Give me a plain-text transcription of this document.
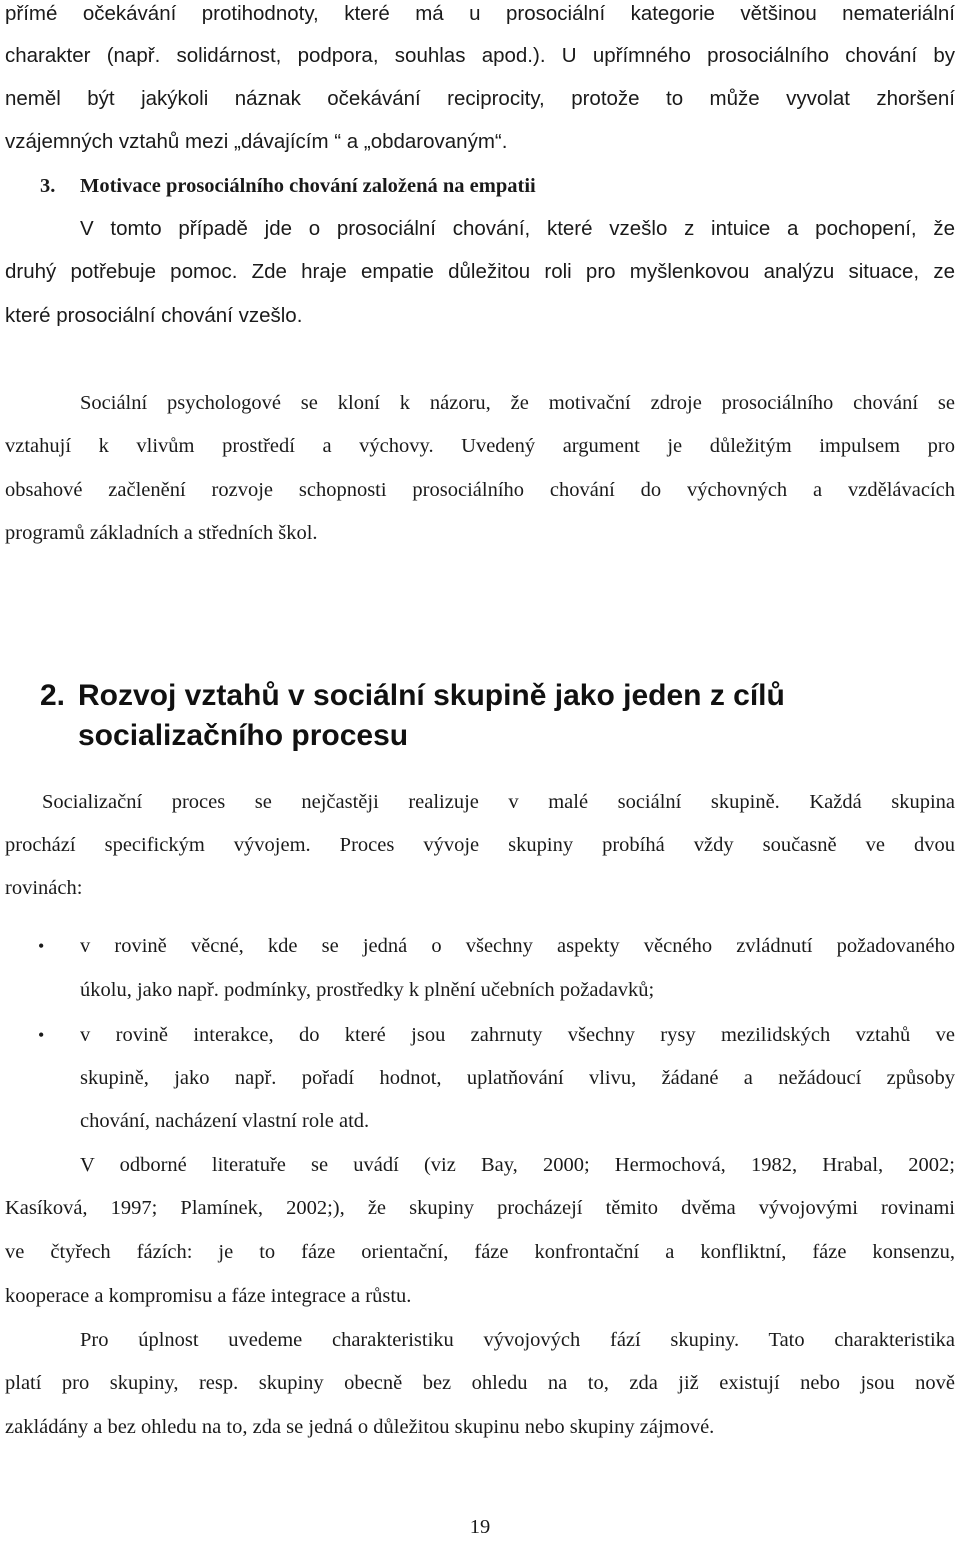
přímé očekávání protihodnoty, které má u prosociální kategorie většinou nemateriální
charakter (např. solidárnost, podpora, souhlas apod.). U upřímného prosociálního chování by
neměl být jakýkoli náznak očekávání reciprocity, protože to může vyvolat zhoršení
vzájemných vztahů mezi „dávajícím “ a „obdarovaným“.
3. Motivace prosociálního chování založená na empatii
V tomto případě jde o prosociální chování, které vzešlo z intuice a pochopení, že
druhý potřebuje pomoc. Zde hraje empatie důležitou roli pro myšlenkovou analýzu situace, ze
které prosociální chování vzešlo.
Sociální psychologové se kloní k názoru, že motivační zdroje prosociálního chování se
vztahují k vlivům prostředí a výchovy. Uvedený argument je důležitým impulsem pro
obsahové začlenění rozvoje schopnosti prosociálního chování do výchovných a vzdělávacích
programů základních a středních škol.
2. Rozvoj vztahů v sociální skupině jako jeden z cílů
socializačního procesu
Socializační proces se nejčastěji realizuje v malé sociální skupině. Každá skupina
prochází specifickým vývojem. Proces vývoje skupiny probíhá vždy současně ve dvou
rovinách:
• v rovině věcné, kde se jedná o všechny aspekty věcného zvládnutí požadovaného
úkolu, jako např. podmínky, prostředky k plnění učebních požadavků;
• v rovině interakce, do které jsou zahrnuty všechny rysy mezilidských vztahů ve
skupině, jako např. pořadí hodnot, uplatňování vlivu, žádané a nežádoucí způsoby
chování, nacházení vlastní role atd.
V odborné literatuře se uvádí (viz Bay, 2000; Hermochová, 1982, Hrabal, 2002;
Kasíková, 1997; Plamínek, 2002;), že skupiny procházejí těmito dvěma vývojovými rovinami
ve čtyřech fázích: je to fáze orientační, fáze konfrontační a konfliktní, fáze konsenzu,
kooperace a kompromisu a fáze integrace a růstu.
Pro úplnost uvedeme charakteristiku vývojových fází skupiny. Tato charakteristika
platí pro skupiny, resp. skupiny obecně bez ohledu na to, zda již existují nebo jsou nově
zakládány a bez ohledu na to, zda se jedná o důležitou skupinu nebo skupiny zájmové.
19
